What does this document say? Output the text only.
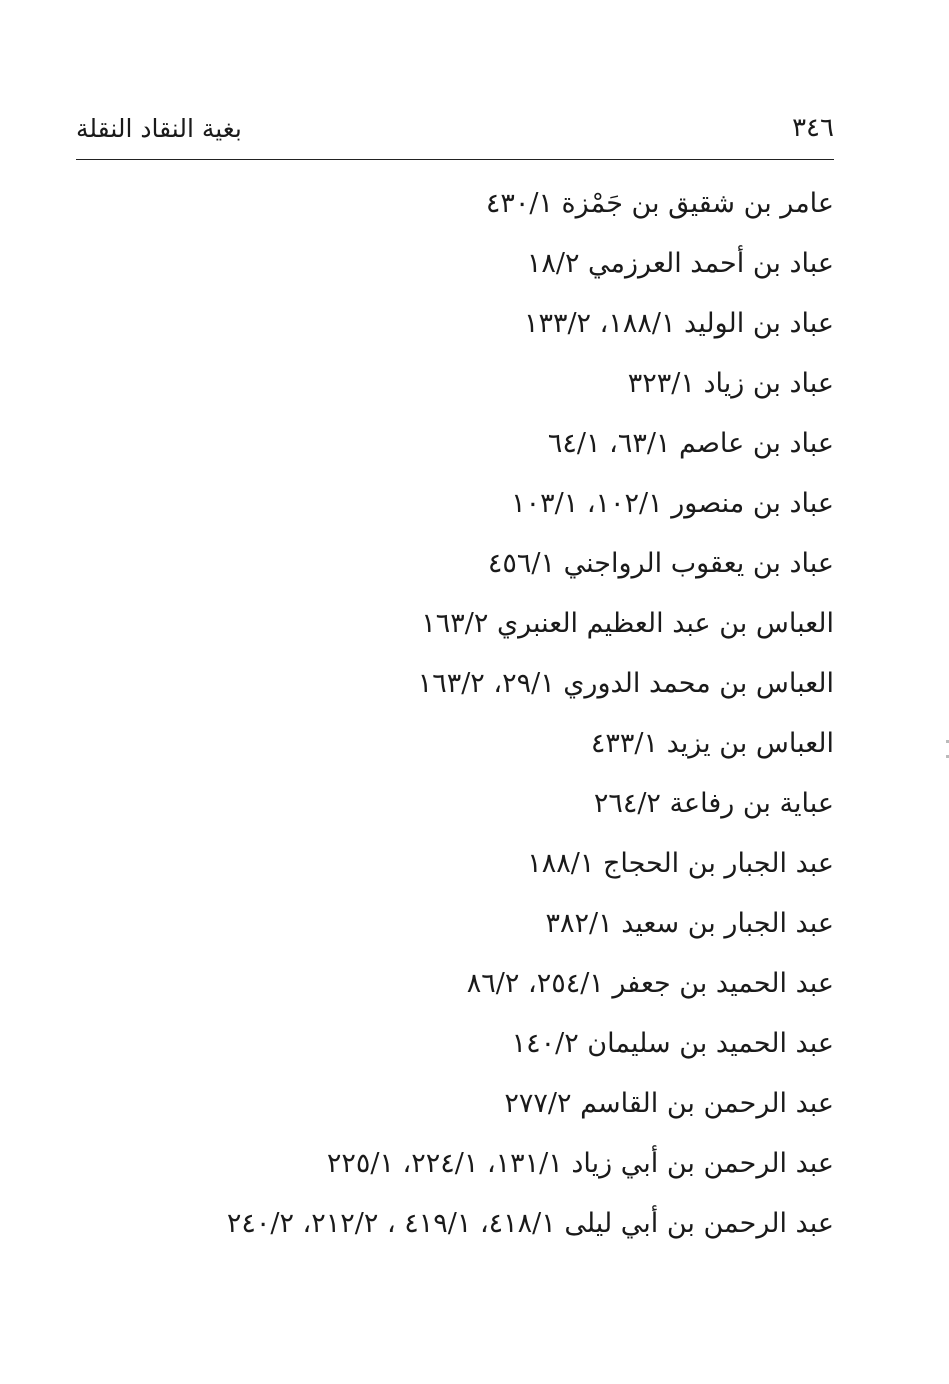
٣٤٦
بغية النقاد النقلة
عامر بن شقيق بن جَمْزة ٤٣٠/١
عباد بن أحمد العرزمي ١٨/٢
عباد بن الوليد ١٨٨/١، ١٣٣/٢
عباد بن زياد ٣٢٣/١
عباد بن عاصم ٦٣/١، ٦٤/١
عباد بن منصور ١٠٢/١، ١٠٣/١
عباد بن يعقوب الرواجني ٤٥٦/١
العباس بن عبد العظيم العنبري ١٦٣/٢
العباس بن محمد الدوري ٢٩/١، ١٦٣/٢
العباس بن يزيد ٤٣٣/١
عباية بن رفاعة ٢٦٤/٢
عبد الجبار بن الحجاج ١٨٨/١
عبد الجبار بن سعيد ٣٨٢/١
عبد الحميد بن جعفر ٢٥٤/١، ٨٦/٢
عبد الحميد بن سليمان ١٤٠/٢
عبد الرحمن بن القاسم ٢٧٧/٢
عبد الرحمن بن أبي زياد ١٣١/١، ٢٢٤/١، ٢٢٥/١
عبد الرحمن بن أبي ليلى ٤١٨/١، ٤١٩/١ ، ٢١٢/٢، ٢٤٠/٢
